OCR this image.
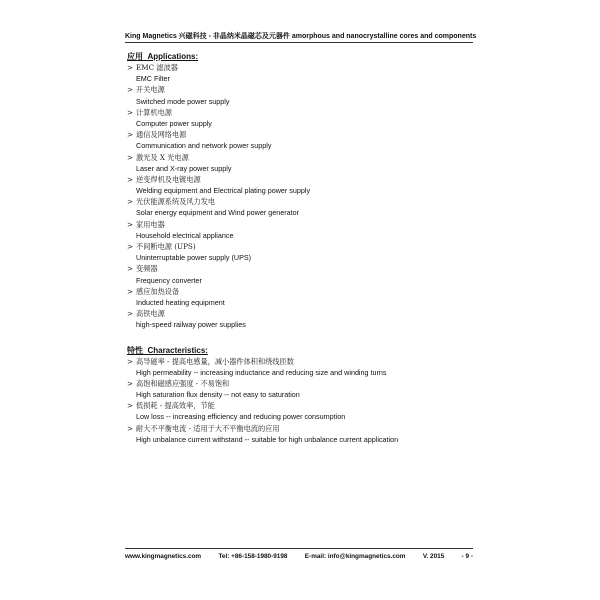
King Magnetics 兴磁科技 - 非晶纳米晶磁芯及元器件 amorphous and nanocrystalline cores and components
应用 Applications:
> EMC 滤波器
EMC Filter
> 开关电源
Switched mode power supply
> 计算机电源
Computer power supply
> 通信及网络电源
Communication and network power supply
> 激光及 X 光电源
Laser and X-ray power supply
> 逆变焊机及电镀电源
Welding equipment and Electrical plating power supply
> 光伏能源系统及风力发电
Solar energy equipment and Wind power generator
> 家用电器
Household electrical appliance
> 不间断电源 (UPS)
Uninterruptable power supply (UPS)
> 变频器
Frequency converter
> 感应加热设备
Inducted heating equipment
> 高铁电源
high-speed railway power supplies
特性 Characteristics:
> 高导磁率 - 提高电感量，减小器件体积和绕线匝数
High permeability -- increasing inductance and reducing size and winding turns
> 高饱和磁感应强度 - 不易饱和
High saturation flux density -- not easy to saturation
> 低损耗 - 提高效率，节能
Low loss -- increasing efficiency and reducing power consumption
> 耐大不平衡电流 - 适用于大不平衡电流的应用
High unbalance current withstand -- suitable for high unbalance current application
www.kingmagnetics.com	Tel: +86-158-1980-9198	E-mail: info@kingmagnetics.com	V. 2015	- 9 -
